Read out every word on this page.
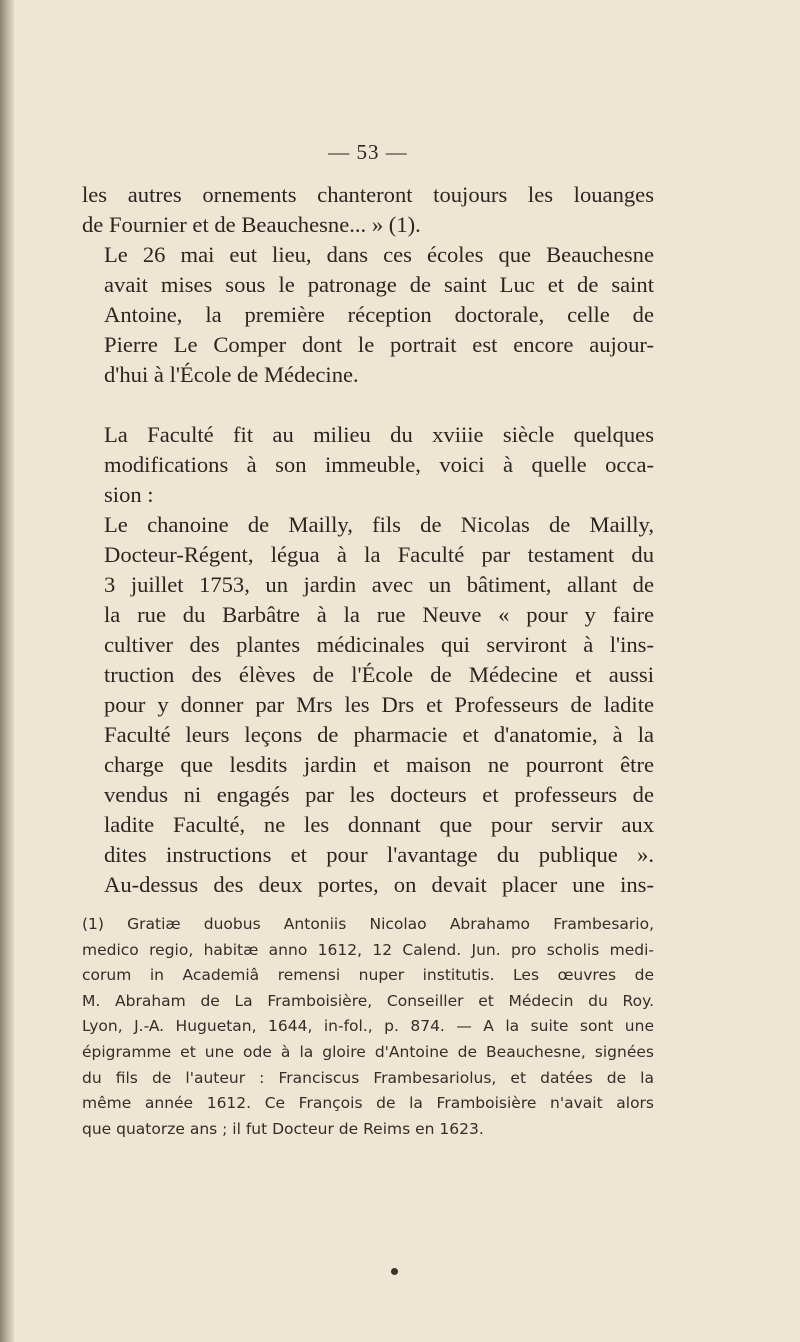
— 53 —

les autres ornements chanteront toujours les louanges
de Fournier et de Beauchesne... » (1).

Le 26 mai eut lieu, dans ces écoles que Beauchesne
avait mises sous le patronage de saint Luc et de saint
Antoine, la première réception doctorale, celle de
Pierre Le Comper dont le portrait est encore aujour-
d'hui à l'École de Médecine.

La Faculté fit au milieu du xviiie siècle quelques
modifications à son immeuble, voici à quelle occa-
sion :

Le chanoine de Mailly, fils de Nicolas de Mailly,
Docteur-Régent, légua à la Faculté par testament du
3 juillet 1753, un jardin avec un bâtiment, allant de
la rue du Barbâtre à la rue Neuve « pour y faire
cultiver des plantes médicinales qui serviront à l'ins-
truction des élèves de l'École de Médecine et aussi
pour y donner par Mrs les Drs et Professeurs de ladite
Faculté leurs leçons de pharmacie et d'anatomie, à la
charge que lesdits jardin et maison ne pourront être
vendus ni engagés par les docteurs et professeurs de
ladite Faculté, ne les donnant que pour servir aux
dites instructions et pour l'avantage du publique ».
Au-dessus des deux portes, on devait placer une ins-

(1) Gratiæ duobus Antoniis Nicolao Abrahamo Frambesario,
medico regio, habitæ anno 1612, 12 Calend. Jun. pro scholis medi-
corum in Academiâ remensi nuper institutis. Les œuvres de
M. Abraham de La Framboisière, Conseiller et Médecin du Roy.
Lyon, J.-A. Huguetan, 1644, in-fol., p. 874. — A la suite sont une
épigramme et une ode à la gloire d'Antoine de Beauchesne, signées
du fils de l'auteur : Franciscus Frambesariolus, et datées de la
même année 1612. Ce François de la Framboisière n'avait alors
que quatorze ans ; il fut Docteur de Reims en 1623.
